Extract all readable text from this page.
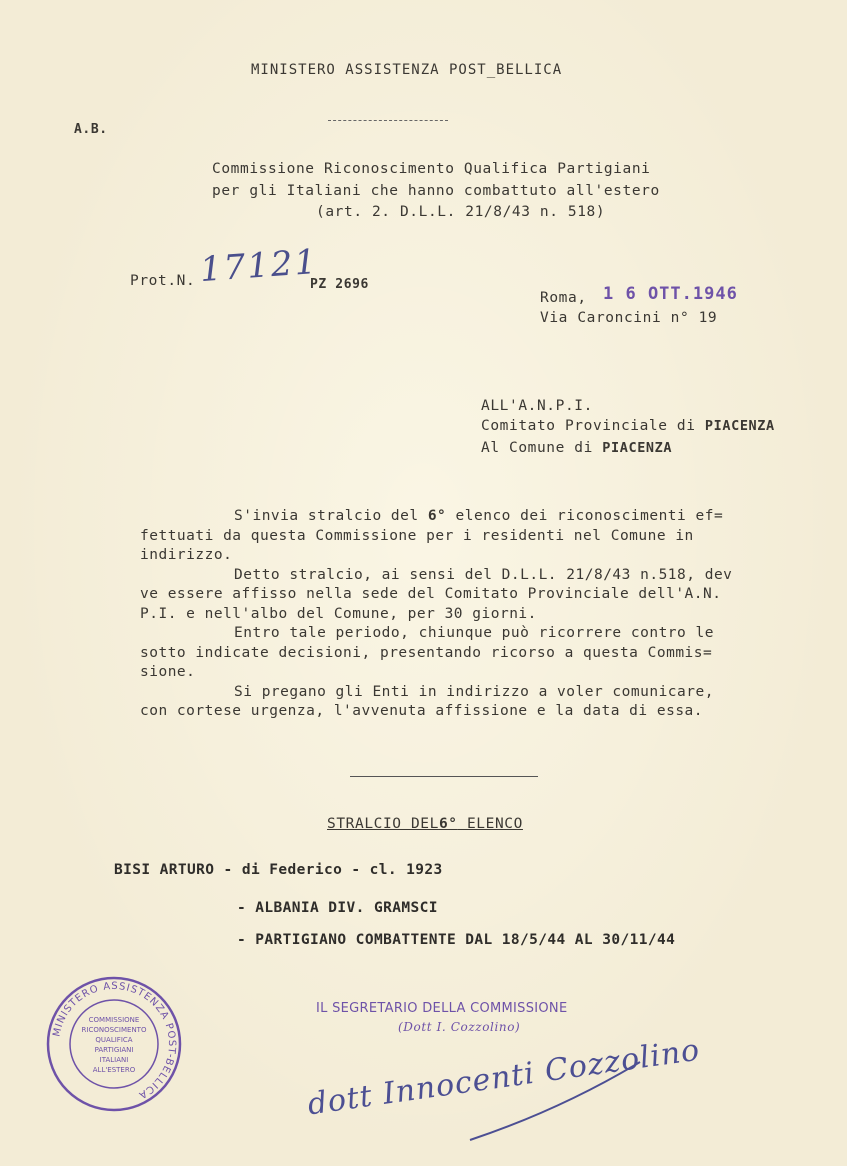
MINISTERO ASSISTENZA POST_BELLICA
A.B.
Commissione Riconoscimento Qualifica Partigiani
per gli Italiani che hanno combattuto all'estero
(art. 2. D.L.L. 21/8/43 n. 518)
Prot.N. 17121
PZ 2696
Roma, 1 6 OTT.1946
Via Caroncini n° 19
ALL'A.N.P.I.
Comitato Provinciale di PIACENZA
Al Comune di PIACENZA
S'invia stralcio del 6° elenco dei riconoscimenti ef=
fettuati da questa Commissione per i residenti nel Comune in
indirizzo.
Detto stralcio, ai sensi del D.L.L. 21/8/43 n.518, dev
ve essere affisso nella sede del Comitato Provinciale dell'A.N.
P.I. e nell'albo del Comune, per 30 giorni.
Entro tale periodo, chiunque può ricorrere contro le
sotto indicate decisioni, presentando ricorso a questa Commis=
sione.
Si pregano gli Enti in indirizzo a voler comunicare,
con cortese urgenza, l'avvenuta affissione e la data di essa.
STRALCIO DEL6° ELENCO
BISI ARTURO - di Federico - cl. 1923
- ALBANIA DIV. GRAMSCI
- PARTIGIANO COMBATTENTE DAL 18/5/44 AL 30/11/44
IL SEGRETARIO DELLA COMMISSIONE
(Dott I. Cozzolino)
dott Innocenti Cozzolino
MINISTERO ASSISTENZA POST-BELLICA
COMMISSIONE
RICONOSCIMENTO
QUALIFICA
PARTIGIANI
ITALIANI
ALL'ESTERO
